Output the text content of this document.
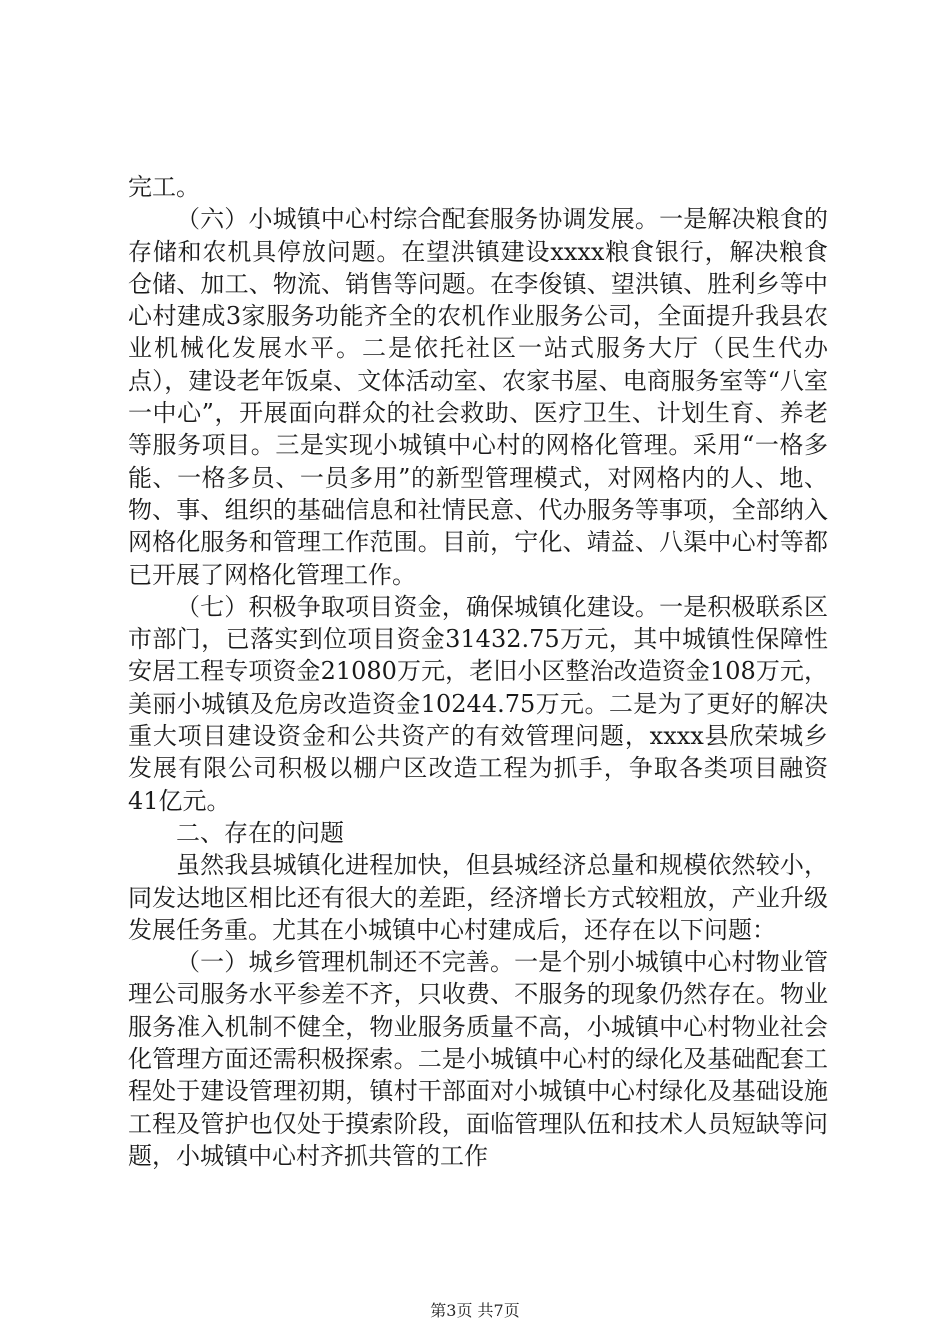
完工。

（六）小城镇中心村综合配套服务协调发展。一是解决粮食的存储和农机具停放问题。在望洪镇建设xxxx粮食银行，解决粮食仓储、加工、物流、销售等问题。在李俊镇、望洪镇、胜利乡等中心村建成3家服务功能齐全的农机作业服务公司，全面提升我县农业机械化发展水平。二是依托社区一站式服务大厅（民生代办点），建设老年饭桌、文体活动室、农家书屋、电商服务室等“八室一中心”，开展面向群众的社会救助、医疗卫生、计划生育、养老等服务项目。三是实现小城镇中心村的网格化管理。采用“一格多能、一格多员、一员多用”的新型管理模式，对网格内的人、地、物、事、组织的基础信息和社情民意、代办服务等事项，全部纳入网格化服务和管理工作范围。目前，宁化、靖益、八渠中心村等都已开展了网格化管理工作。

（七）积极争取项目资金，确保城镇化建设。一是积极联系区市部门，已落实到位项目资金31432.75万元，其中城镇性保障性安居工程专项资金21080万元，老旧小区整治改造资金108万元，美丽小城镇及危房改造资金10244.75万元。二是为了更好的解决重大项目建设资金和公共资产的有效管理问题，xxxx县欣荣城乡发展有限公司积极以棚户区改造工程为抓手，争取各类项目融资41亿元。

二、存在的问题

虽然我县城镇化进程加快，但县城经济总量和规模依然较小，同发达地区相比还有很大的差距，经济增长方式较粗放，产业升级发展任务重。尤其在小城镇中心村建成后，还存在以下问题：

（一）城乡管理机制还不完善。一是个别小城镇中心村物业管理公司服务水平参差不齐，只收费、不服务的现象仍然存在。物业服务准入机制不健全，物业服务质量不高，小城镇中心村物业社会化管理方面还需积极探索。二是小城镇中心村的绿化及基础配套工程处于建设管理初期，镇村干部面对小城镇中心村绿化及基础设施工程及管护也仅处于摸索阶段，面临管理队伍和技术人员短缺等问题，小城镇中心村齐抓共管的工作

第3页 共7页
